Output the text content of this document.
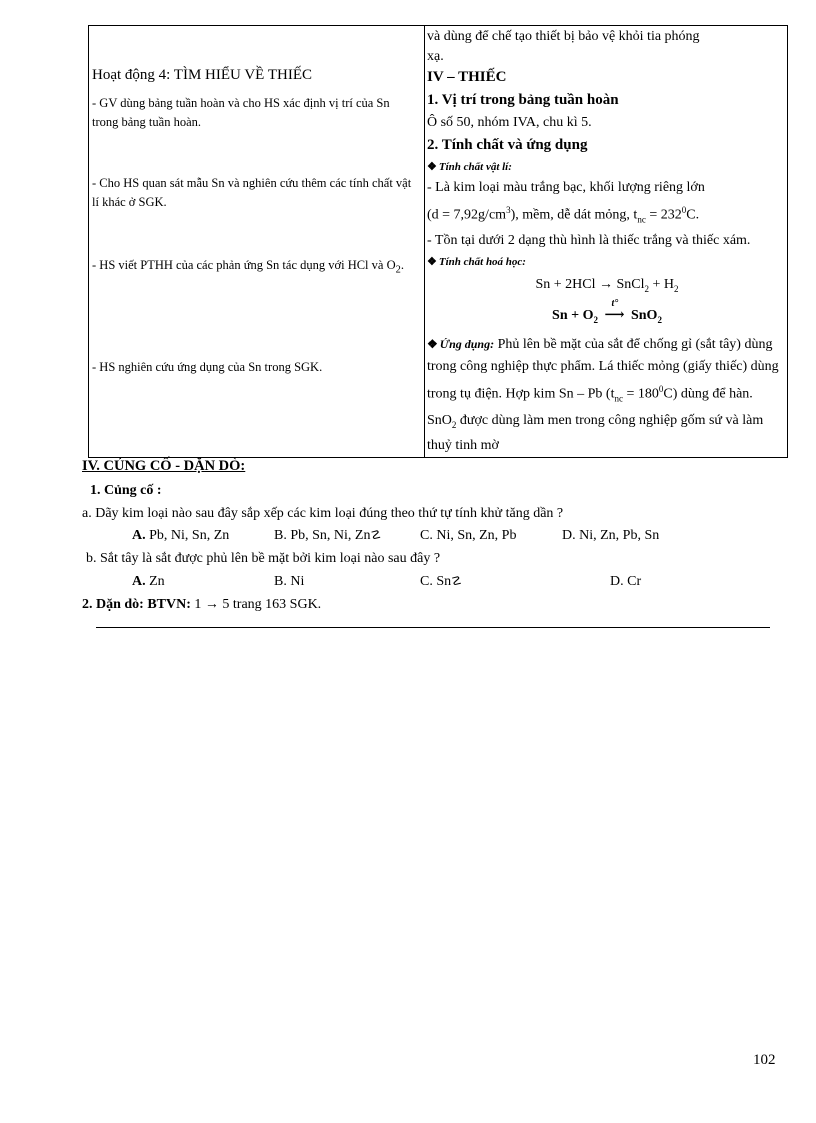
Hoạt động 4: TÌM HIỂU VỀ THIẾC
- GV dùng bảng tuần hoàn và cho HS xác định vị trí của Sn trong bảng tuần hoàn.
- Cho HS quan sát mẫu Sn và nghiên cứu thêm các tính chất vật lí khác ở SGK.
- HS viết PTHH của các phản ứng Sn tác dụng với HCl và $O_2$.
- HS nghiên cứu ứng dụng của Sn trong SGK.

và dùng để chế tạo thiết bị bảo vệ khỏi tia phóng
xạ.
IV – THIẾC
1. Vị trí trong bảng tuần hoàn
Ô số 50, nhóm IVA, chu kì 5.
2. Tính chất và ứng dụng
❖ Tính chất vật lí:
- Là kim loại màu trắng bạc, khối lượng riêng lớn
$(d = 7,92g/cm^3)$, mềm, dễ dát mỏng, $t_{nc} = 232^0C$.
- Tồn tại dưới 2 dạng thù hình là thiếc trắng và thiếc xám.
❖ Tính chất hoá học:
Sn + 2HCl → SnCl$_2$ + $H_2$
$Sn + O_2$
t°
⟶ SnO$_2$
❖ Ứng dụng: Phủ lên bề mặt của sắt để chống gỉ (sắt tây) dùng trong công nghiệp thực phẩm. Lá thiếc mỏng (giấy thiếc) dùng trong tụ điện. Hợp kim Sn – Pb $(t_{nc} = 180^0C)$ dùng để hàn. SnO$_2$ được dùng làm men trong công nghiệp gốm sứ và làm thuỷ tinh mờ
IV. CỦNG CỐ - DẶN DÒ:
1. Củng cố :
a. Dãy kim loại nào sau đây sắp xếp các kim loại đúng theo thứ tự tính khử tăng dần ?
A. Pb, Ni, Sn, Zn	B. Pb, Sn, Ni, Zn☡	C. Ni, Sn, Zn, Pb	D. Ni, Zn, Pb, Sn
b. Sắt tây là sắt được phủ lên bề mặt bởi kim loại nào sau đây ?
A. Zn	B. Ni	C. Sn☡	D. Cr
2. Dặn dò: BTVN: 1 → 5 trang 163 SGK.
102
